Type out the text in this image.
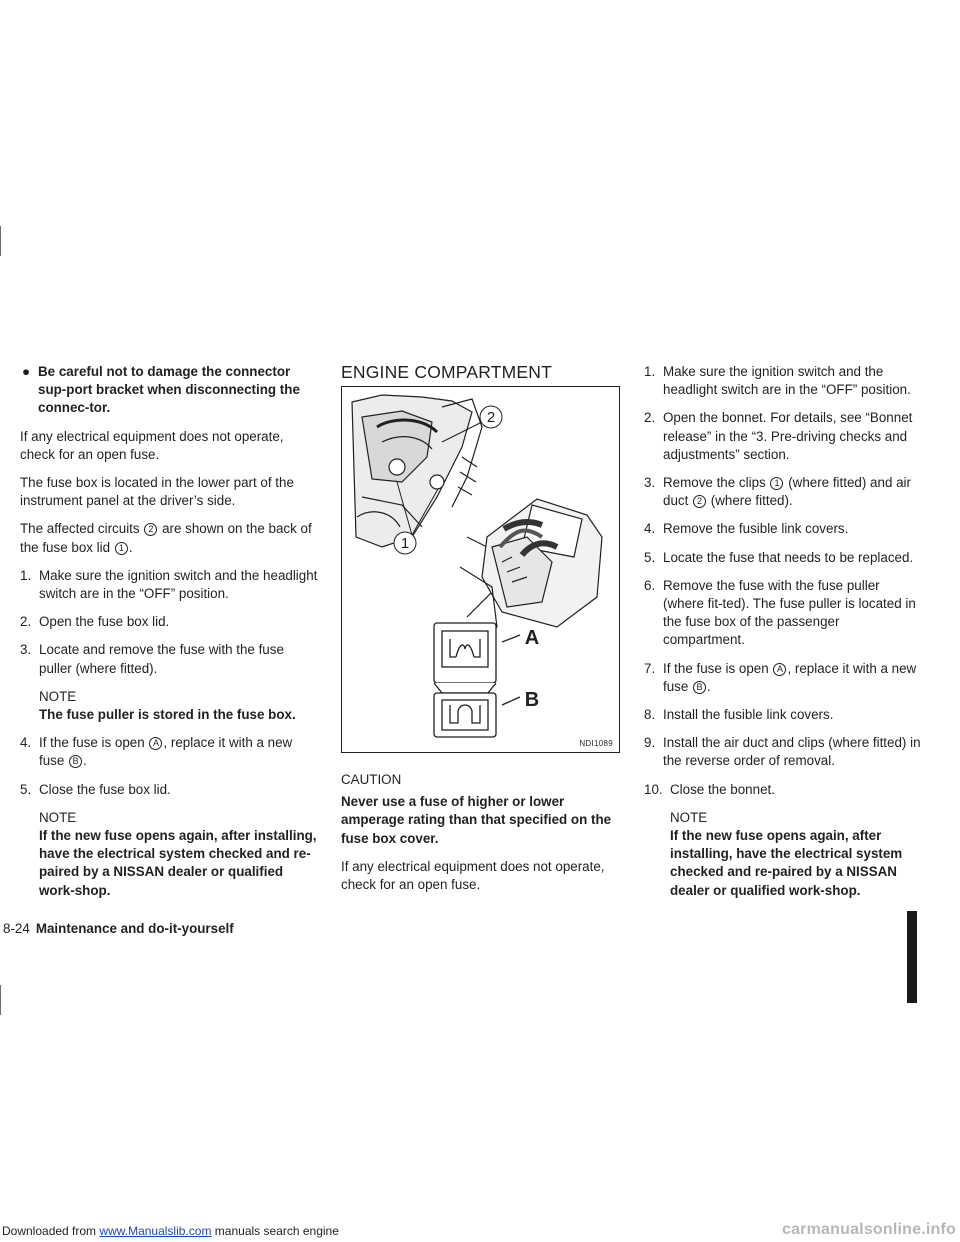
● Be careful not to damage the connector sup-port bracket when disconnecting the connec-tor.

If any electrical equipment does not operate, check for an open fuse.

The fuse box is located in the lower part of the instrument panel at the driver’s side.

The affected circuits 2 are shown on the back of the fuse box lid 1 .

1. Make sure the ignition switch and the headlight switch are in the “OFF” position.
2. Open the fuse box lid.
3. Locate and remove the fuse with the fuse puller (where fitted).
NOTE
The fuse puller is stored in the fuse box.
4. If the fuse is open A , replace it with a new fuse B .
5. Close the fuse box lid.
NOTE
If the new fuse opens again, after installing, have the electrical system checked and re-paired by a NISSAN dealer or qualified work-shop.
ENGINE COMPARTMENT
2
1
A
B
NDI1089

CAUTION

Never use a fuse of higher or lower amperage rating than that specified on the fuse box cover.

If any electrical equipment does not operate, check for an open fuse.

1. Make sure the ignition switch and the headlight switch are in the “OFF” position.
2. Open the bonnet. For details, see “Bonnet release” in the “3. Pre-driving checks and adjustments” section.
3. Remove the clips 1 (where fitted) and air duct 2 (where fitted).
4. Remove the fusible link covers.
5. Locate the fuse that needs to be replaced.
6. Remove the fuse with the fuse puller (where fit-ted). The fuse puller is located in the fuse box of the passenger compartment.
7. If the fuse is open A , replace it with a new fuse B .
8. Install the fusible link covers.
9. Install the air duct and clips (where fitted) in the reverse order of removal.
10. Close the bonnet.
NOTE
If the new fuse opens again, after installing, have the electrical system checked and re-paired by a NISSAN dealer or qualified work-shop.
8-24 Maintenance and do-it-yourself
Downloaded from www.Manualslib.com manuals search engine	carmanualsonline.info
